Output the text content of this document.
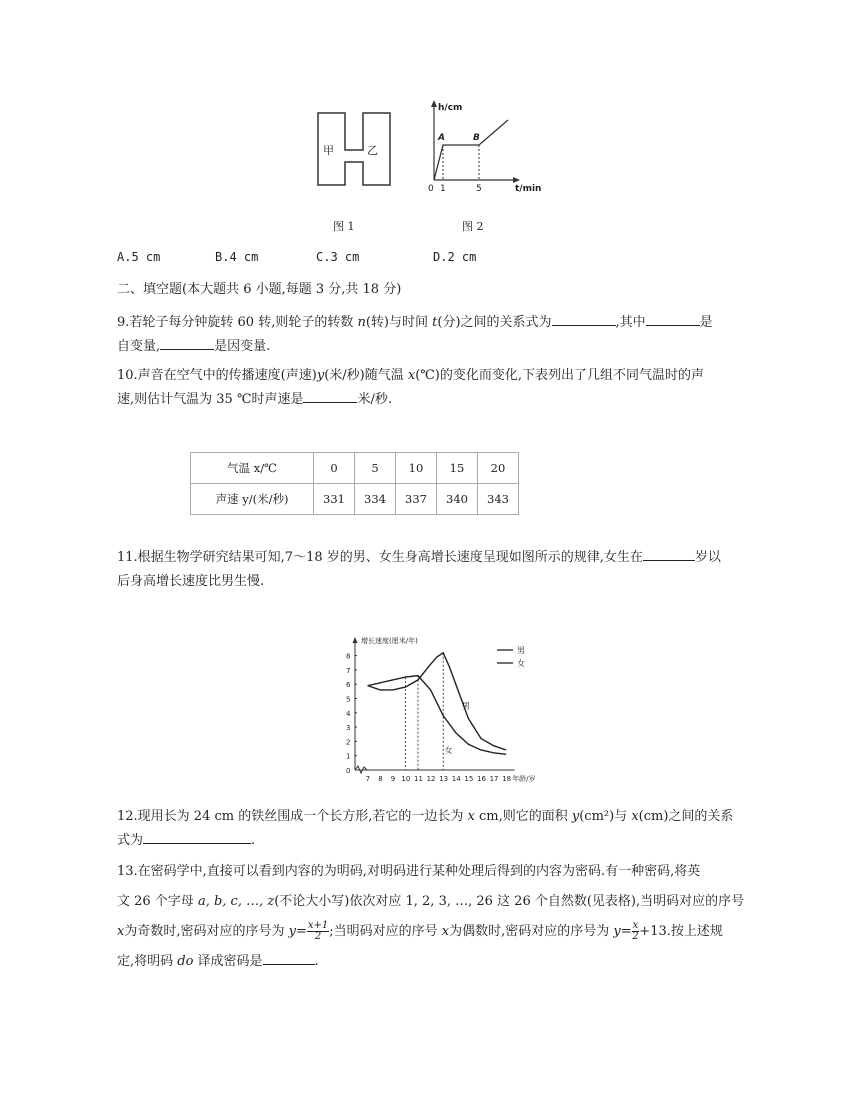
甲	乙
图 1
h/cm
A	B
0 1	5	t/min
图 2
A.5 cm	B.4 cm	C.3 cm	D.2 cm
二、填空题(本大题共 6 小题,每题 3 分,共 18 分)
9.若轮子每分钟旋转 60 转,则轮子的转数 n(转)与时间 t(分)之间的关系式为	,其中	是
自变量,	是因变量.
10.声音在空气中的传播速度(声速)y(米/秒)随气温 x(℃)的变化而变化,下表列出了几组不同气温时的声
速,则估计气温为 35 ℃时声速是	米/秒.
气温 x/℃	0	5	10	15	20
声速 y/(米/秒)	331	334	337	340	343
11.根据生物学研究结果可知,7～18 岁的男、女生身高增长速度呈现如图所示的规律,女生在	岁以
后身高增长速度比男生慢.
0
1
2
3
4
5
6
7
8
7 8 9 10 11 12 13 14 15 16 17 18 年龄/岁
增长速度(厘米/年)
男
女
男
女
12.现用长为 24 cm 的铁丝围成一个长方形,若它的一边长为 x cm,则它的面积 y(cm²)与 x(cm)之间的关系
式为	.
13.在密码学中,直接可以看到内容的为明码,对明码进行某种处理后得到的内容为密码.有一种密码,将英
文 26 个字母 a, b, c, …, z(不论大小写)依次对应 1, 2, 3, …, 26 这 26 个自然数(见表格),当明码对应的序号
x为奇数时,密码对应的序号为 $y= \frac{x+1}{2}$ ;当明码对应的序号 x为偶数时,密码对应的序号为 $y= \frac{x}{2} +13$.按上述规
定,将明码 do 译成密码是	.
